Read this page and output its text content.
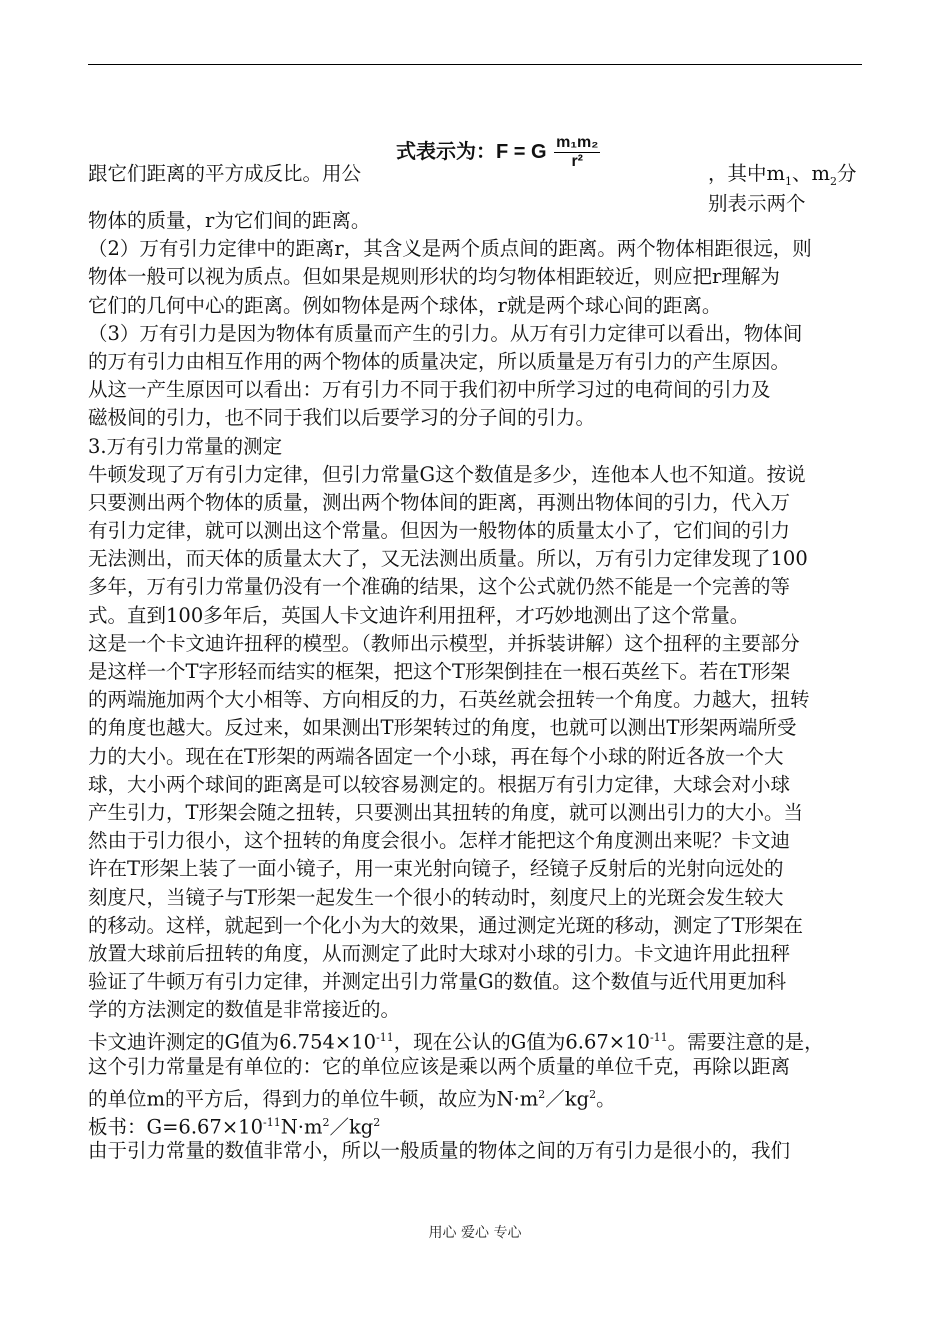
跟它们距离的平方成反比。用公
式表示为：F = G $\frac{\text{m₁m₂}}{\text{r²}}$
，其中$m_1$、$m_2$分别表示两个
物体的质量，r为它们间的距离。
（2）万有引力定律中的距离r，其含义是两个质点间的距离。两个物体相距很远，则
物体一般可以视为质点。但如果是规则形状的均匀物体相距较近，则应把r理解为
它们的几何中心的距离。例如物体是两个球体，r就是两个球心间的距离。
（3）万有引力是因为物体有质量而产生的引力。从万有引力定律可以看出，物体间
的万有引力由相互作用的两个物体的质量决定，所以质量是万有引力的产生原因。
从这一产生原因可以看出：万有引力不同于我们初中所学习过的电荷间的引力及
磁极间的引力，也不同于我们以后要学习的分子间的引力。
3.万有引力常量的测定
牛顿发现了万有引力定律，但引力常量G这个数值是多少，连他本人也不知道。按说
只要测出两个物体的质量，测出两个物体间的距离，再测出物体间的引力，代入万
有引力定律，就可以测出这个常量。但因为一般物体的质量太小了，它们间的引力
无法测出，而天体的质量太大了，又无法测出质量。所以，万有引力定律发现了100
多年，万有引力常量仍没有一个准确的结果，这个公式就仍然不能是一个完善的等
式。直到100多年后，英国人卡文迪许利用扭秤，才巧妙地测出了这个常量。
这是一个卡文迪许扭秤的模型。（教师出示模型，并拆装讲解）这个扭秤的主要部分
是这样一个T字形轻而结实的框架，把这个T形架倒挂在一根石英丝下。若在T形架
的两端施加两个大小相等、方向相反的力，石英丝就会扭转一个角度。力越大，扭转
的角度也越大。反过来，如果测出T形架转过的角度，也就可以测出T形架两端所受
力的大小。现在在T形架的两端各固定一个小球，再在每个小球的附近各放一个大
球，大小两个球间的距离是可以较容易测定的。根据万有引力定律，大球会对小球
产生引力，T形架会随之扭转，只要测出其扭转的角度，就可以测出引力的大小。当
然由于引力很小，这个扭转的角度会很小。怎样才能把这个角度测出来呢？卡文迪
许在T形架上装了一面小镜子，用一束光射向镜子，经镜子反射后的光射向远处的
刻度尺，当镜子与T形架一起发生一个很小的转动时，刻度尺上的光斑会发生较大
的移动。这样，就起到一个化小为大的效果，通过测定光斑的移动，测定了T形架在
放置大球前后扭转的角度，从而测定了此时大球对小球的引力。卡文迪许用此扭秤
验证了牛顿万有引力定律，并测定出引力常量G的数值。这个数值与近代用更加科
学的方法测定的数值是非常接近的。
卡文迪许测定的G值为$6.754\times 10^{-11}$，现在公认的G值为$6.67\times 10^{-11}$。需要注意的是，
这个引力常量是有单位的：它的单位应该是乘以两个质量的单位千克，再除以距离
的单位m的平方后，得到力的单位牛顿，故应为$N\cdot m^2/kg^2$。
板书：$G=6.67\times 10^{-11}N\cdot m^2/kg^2$
由于引力常量的数值非常小，所以一般质量的物体之间的万有引力是很小的，我们
用心 爱心 专心
